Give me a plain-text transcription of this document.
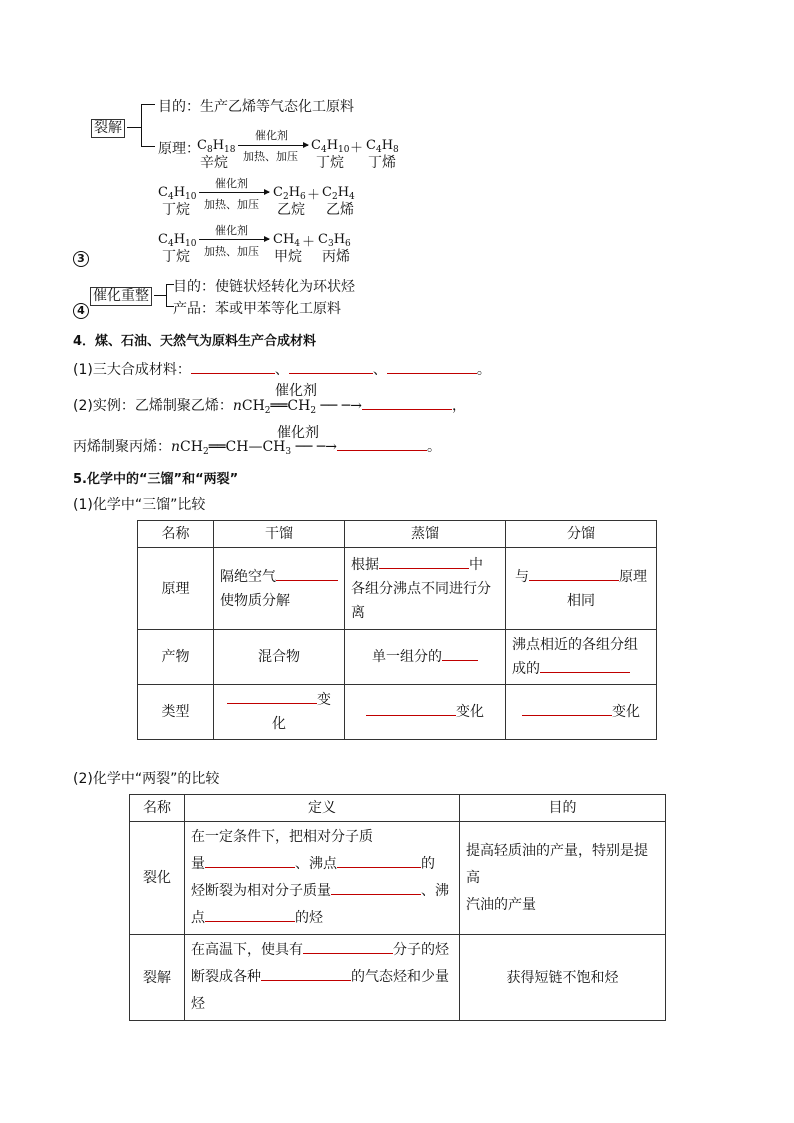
裂解
目的：生产乙烯等气态化工原料
原理：
$C_8H_{18}$
催化剂
加热、加压
$C_4H_{10} + C_4H_8$
辛烷	丁烷 丁烯
$C_4H_{10}$
催化剂
加热、加压
$C_2H_6 + C_2H_4$
丁烷	乙烷 乙烯
$C_4H_{10}$
催化剂
加热、加压
$CH_4 + C_3H_6$
丁烷	甲烷 丙烯
3
催化重整
目的：使链状烃转化为环状烃
产品：苯或甲苯等化工原料
4
4．煤、石油、天然气为原料生产合成材料
(1)三大合成材料：	、	、	。
(2)实例：乙烯制聚乙烯：$nCH_2══CH_2$ ── ─→	，
催化剂
丙烯制聚丙烯：$nCH_2══CH—CH_3$ ── ─→	。
催化剂
5.化学中的“三馏”和“两裂”
(1)化学中“三馏”比较
名称	干馏	蒸馏	分馏
原理	隔绝空气
使物质分解	根据 中
各组分沸点不同进行分
离	与 原理
相同
产物	混合物	单一组分的	沸点相近的各组分组
成的
类型	变
化	变化	变化
(2)化学中“两裂”的比较
名称	定义	目的
裂化	在一定条件下，把相对分子质
量 、沸点 的
烃断裂为相对分子质量 、沸
点 的烃	提高轻质油的产量，特别是提高
汽油的产量
裂解	在高温下，使具有 分子的烃
断裂成各种 的气态烃和少量
烃	获得短链不饱和烃
